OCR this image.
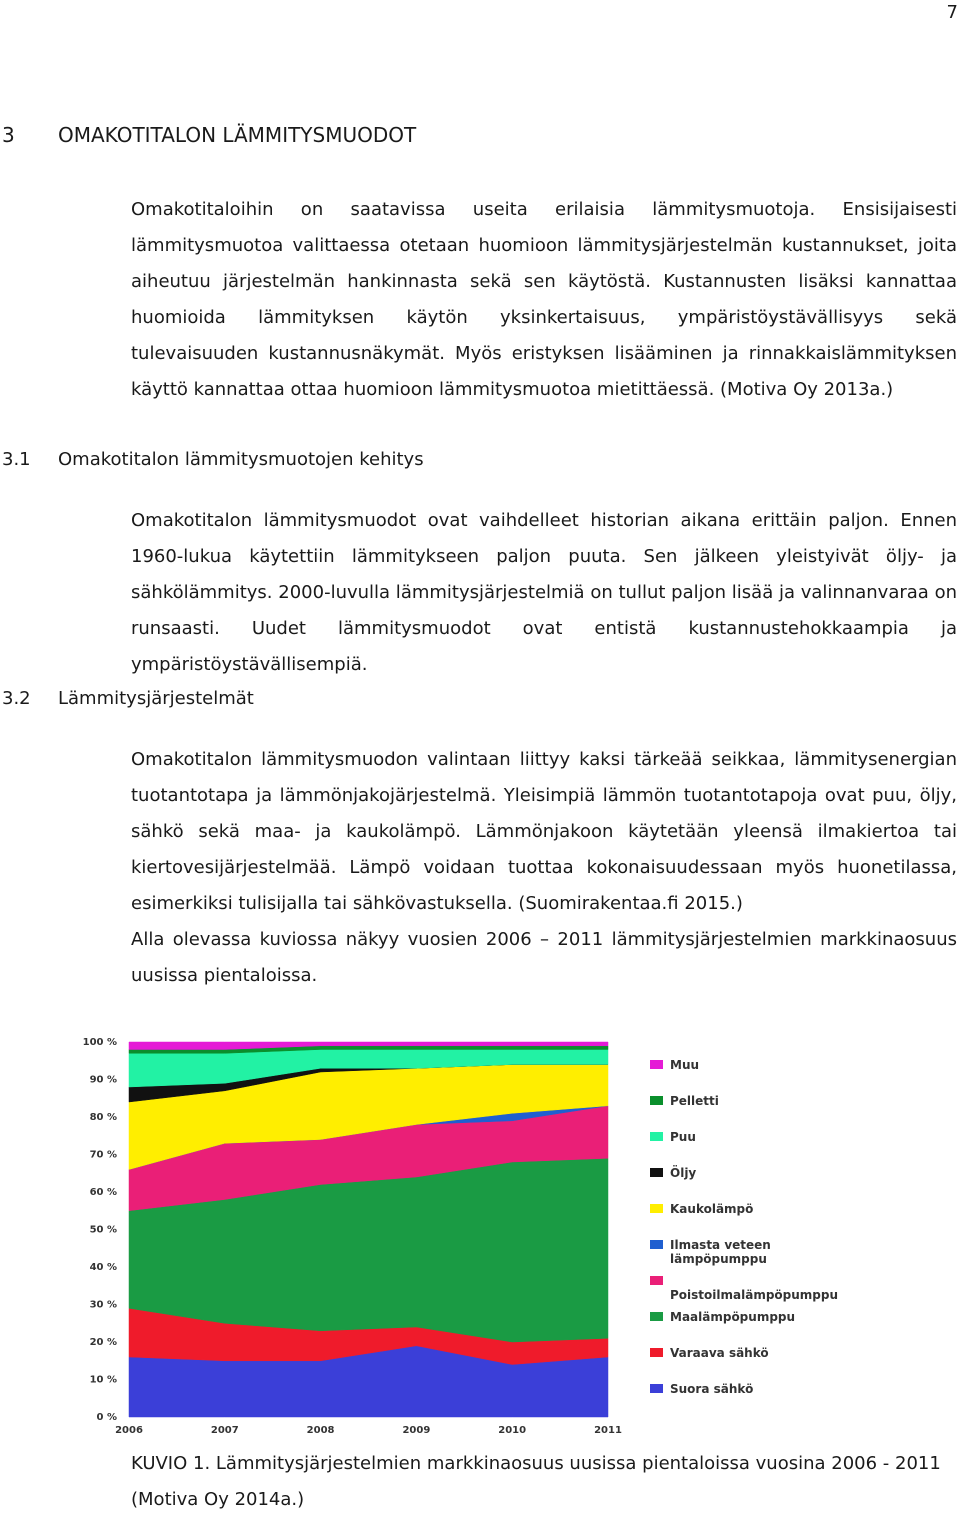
7
3 OMAKOTITALON LÄMMITYSMUODOT

Omakotitaloihin on saatavissa useita erilaisia lämmitysmuotoja. Ensisijaisesti lämmitysmuotoa valittaessa otetaan huomioon lämmitysjärjestelmän kustannukset, joita aiheutuu järjestelmän hankinnasta sekä sen käytöstä. Kustannusten lisäksi kannattaa huomioida lämmityksen käytön yksinkertaisuus, ympäristöystävällisyys sekä tulevaisuuden kustannusnäkymät. Myös eristyksen lisääminen ja rinnakkaislämmityksen käyttö kannattaa ottaa huomioon lämmitysmuotoa mietittäessä. (Motiva Oy 2013a.)

3.1 Omakotitalon lämmitysmuotojen kehitys

Omakotitalon lämmitysmuodot ovat vaihdelleet historian aikana erittäin paljon. Ennen 1960-lukua käytettiin lämmitykseen paljon puuta. Sen jälkeen yleistyivät öljy- ja sähkölämmitys. 2000-luvulla lämmitysjärjestelmiä on tullut paljon lisää ja valinnanvaraa on runsaasti. Uudet lämmitysmuodot ovat entistä kustannustehokkaampia ja ympäristöystävällisempiä.

3.2 Lämmitysjärjestelmät

Omakotitalon lämmitysmuodon valintaan liittyy kaksi tärkeää seikkaa, lämmitysenergian tuotantotapa ja lämmönjakojärjestelmä. Yleisimpiä lämmön tuotantotapoja ovat puu, öljy, sähkö sekä maa- ja kaukolämpö. Lämmönjakoon käytetään yleensä ilmakiertoa tai kiertovesijärjestelmää. Lämpö voidaan tuottaa kokonaisuudessaan myös huonetilassa, esimerkiksi tulisijalla tai sähkövastuksella. (Suomirakentaa.fi 2015.)

Alla olevassa kuviossa näkyy vuosien 2006 – 2011 lämmitysjärjestelmien markkinaosuus uusissa pientaloissa.

0 %
10 %
20 %
30 %
40 %
50 %
60 %
70 %
80 %
90 %
100 %
2006	2007	2008	2009	2010	2011
Muu
Pelletti
Puu
Öljy
Kaukolämpö
Ilmasta veteen lämpöpumppu
Poistoilmalämpöpumppu
Maalämpöpumppu
Varaava sähkö
Suora sähkö

KUVIO 1. Lämmitysjärjestelmien markkinaosuus uusissa pientaloissa vuosina 2006 - 2011
(Motiva Oy 2014a.)
